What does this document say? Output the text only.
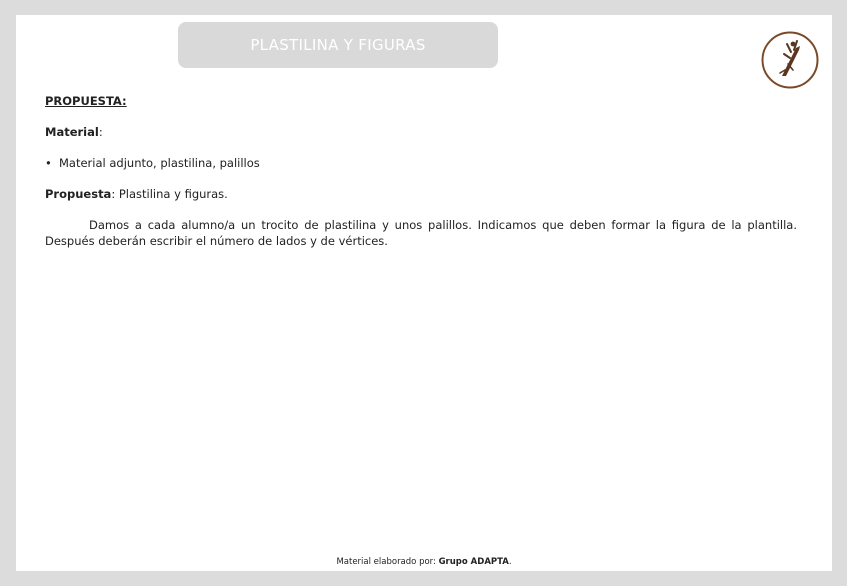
PLASTILINA Y FIGURAS

PROPUESTA:

Material:

• Material adjunto, plastilina, palillos

Propuesta: Plastilina y figuras.

Damos a cada alumno/a un trocito de plastilina y unos palillos. Indicamos que deben formar la figura de la plantilla. Después deberán escribir el número de lados y de vértices.

Material elaborado por: Grupo ADAPTA.
